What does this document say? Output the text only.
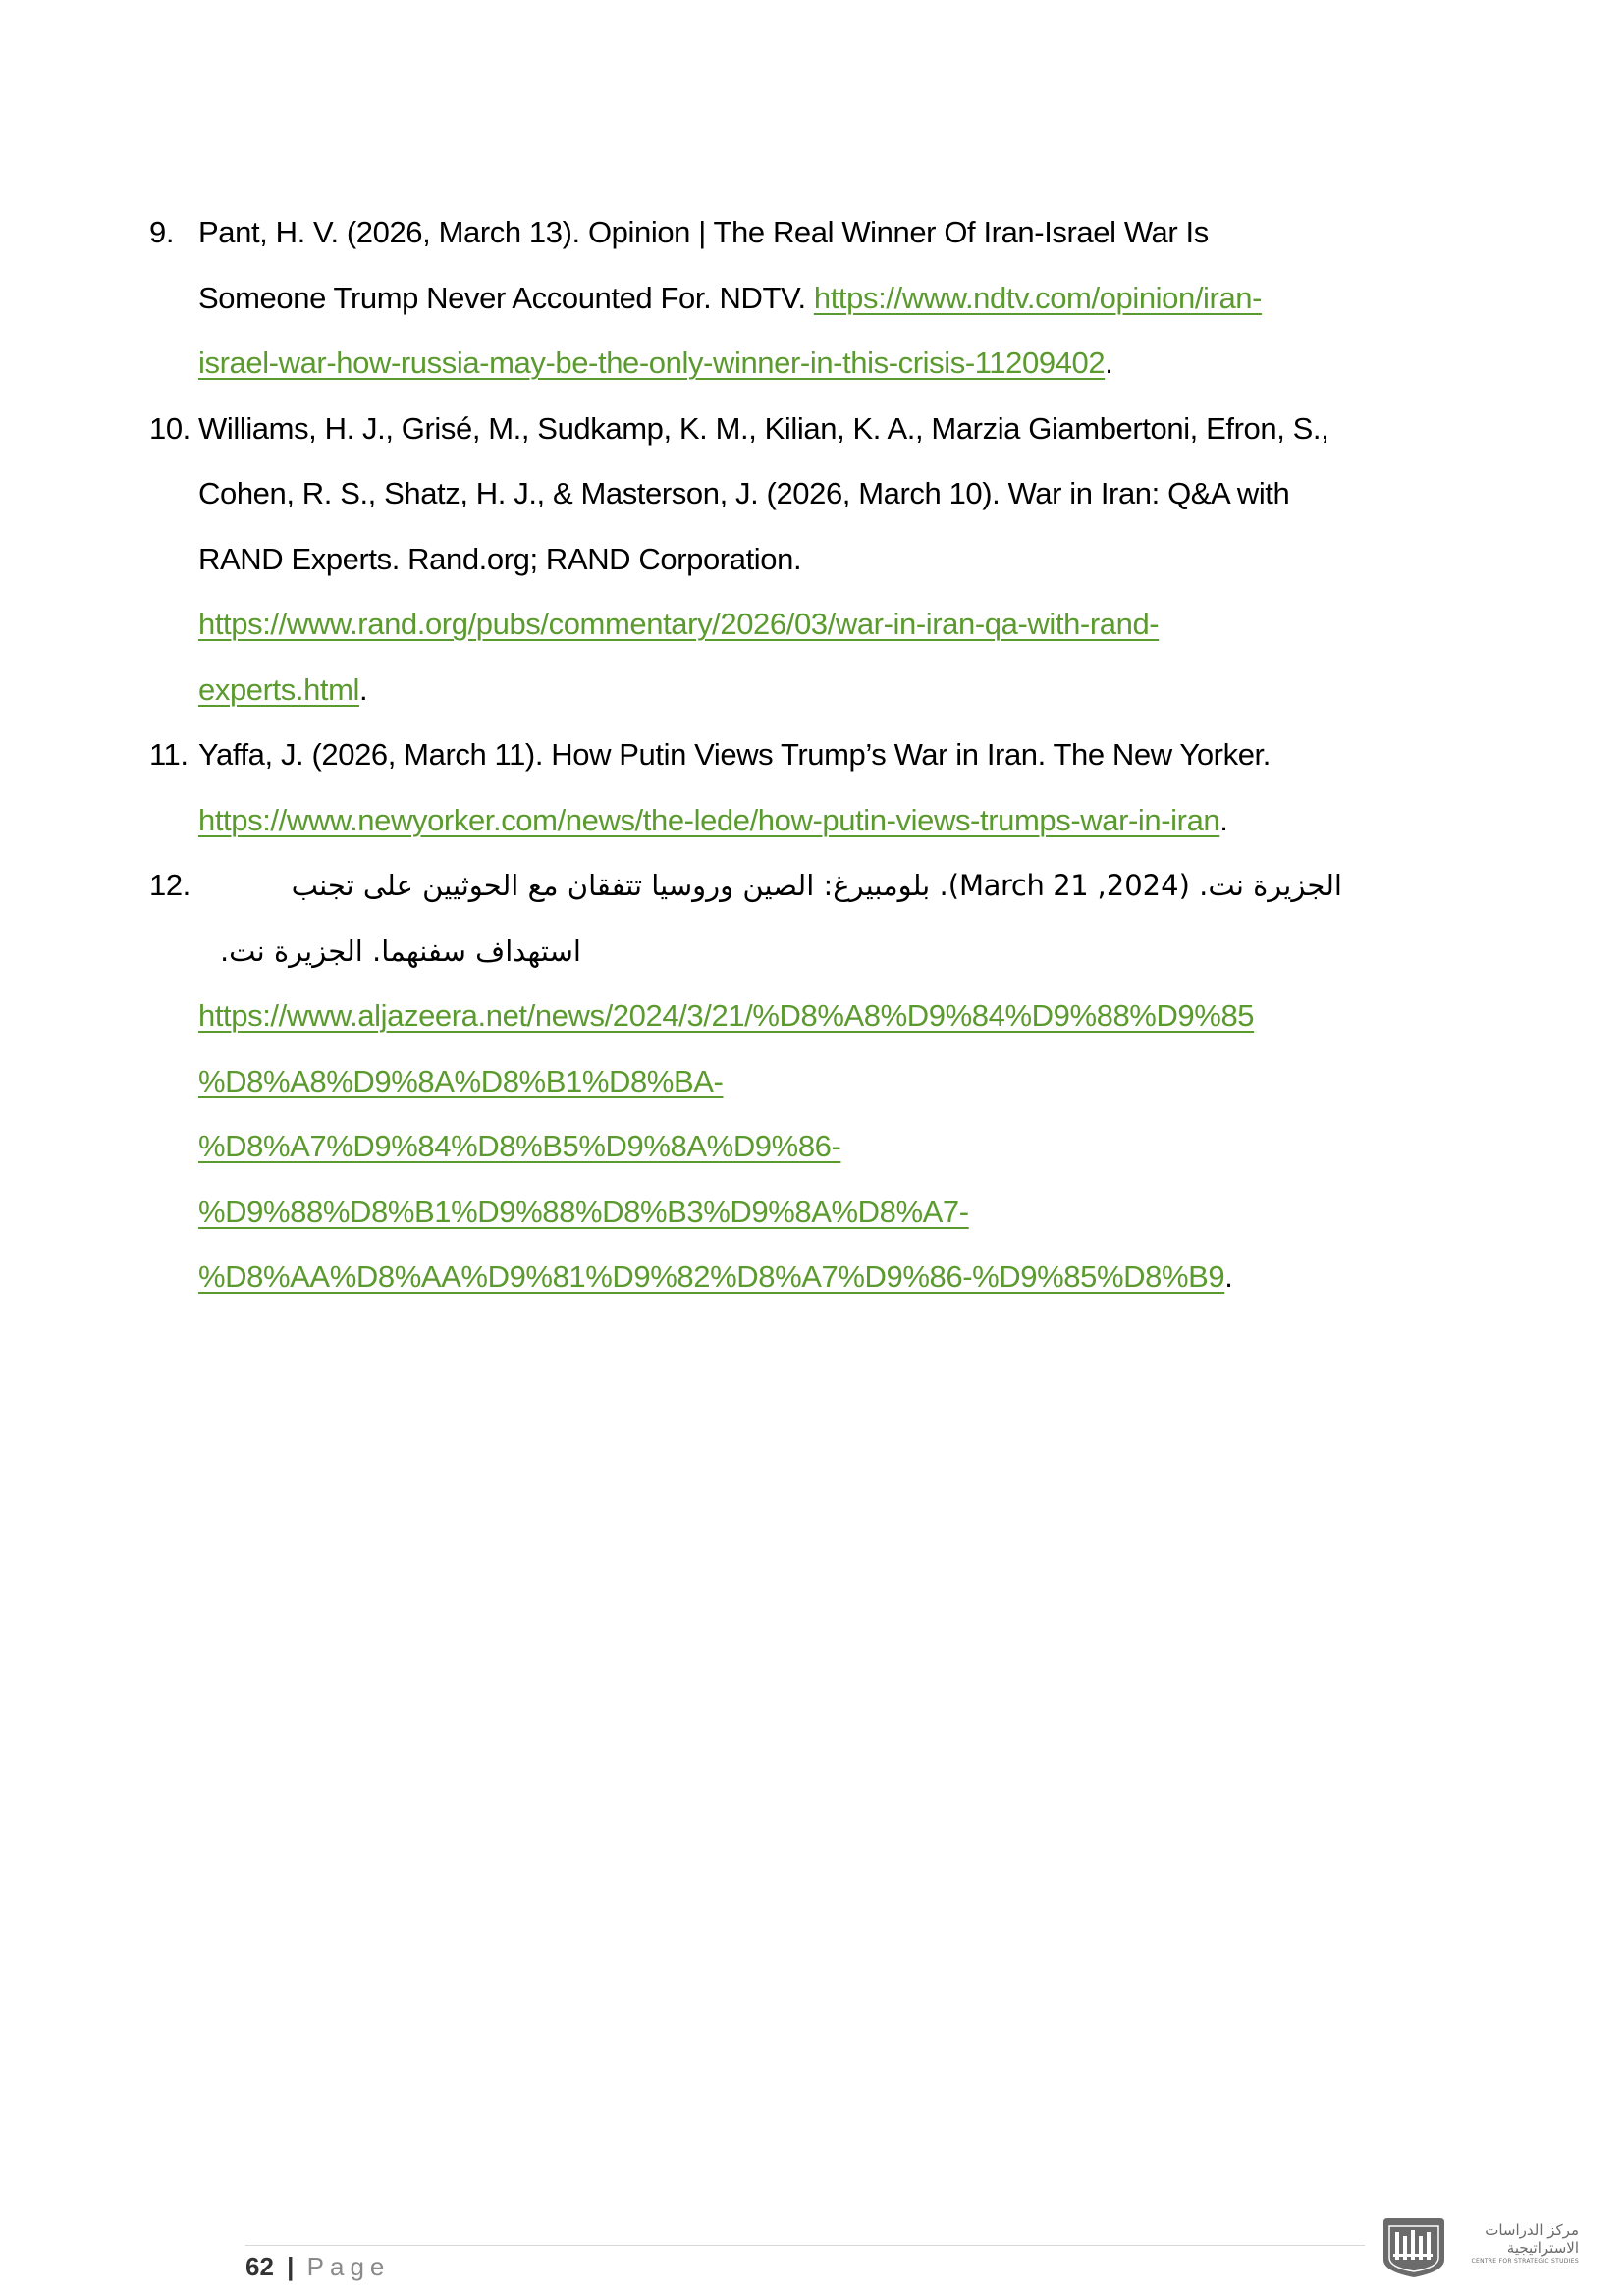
9. Pant, H. V. (2026, March 13). Opinion | The Real Winner Of Iran-Israel War Is
Someone Trump Never Accounted For. NDTV. https://www.ndtv.com/opinion/iran-
israel-war-how-russia-may-be-the-only-winner-in-this-crisis-11209402.
10. Williams, H. J., Grisé, M., Sudkamp, K. M., Kilian, K. A., Marzia Giambertoni, Efron, S.,
Cohen, R. S., Shatz, H. J., & Masterson, J. (2026, March 10). War in Iran: Q&A with
RAND Experts. Rand.org; RAND Corporation.
https://www.rand.org/pubs/commentary/2026/03/war-in-iran-qa-with-rand-
experts.html.
11. Yaffa, J. (2026, March 11). How Putin Views Trump’s War in Iran. The New Yorker.
https://www.newyorker.com/news/the-lede/how-putin-views-trumps-war-in-iran.
12.	الجزيرة نت. (2024, March 21). بلومبيرغ: الصين وروسيا تتفقان مع الحوثيين على تجنب
استهداف سفنهما. الجزيرة نت.
https://www.aljazeera.net/news/2024/3/21/%D8%A8%D9%84%D9%88%D9%85
%D8%A8%D9%8A%D8%B1%D8%BA-
%D8%A7%D9%84%D8%B5%D9%8A%D9%86-
%D9%88%D8%B1%D9%88%D8%B3%D9%8A%D8%A7-
%D8%AA%D8%AA%D9%81%D9%82%D8%A7%D9%86-%D9%85%D8%B9.
62 | Page
مركز الدراسات
الاستراتيجية
CENTRE FOR STRATEGIC STUDIES
